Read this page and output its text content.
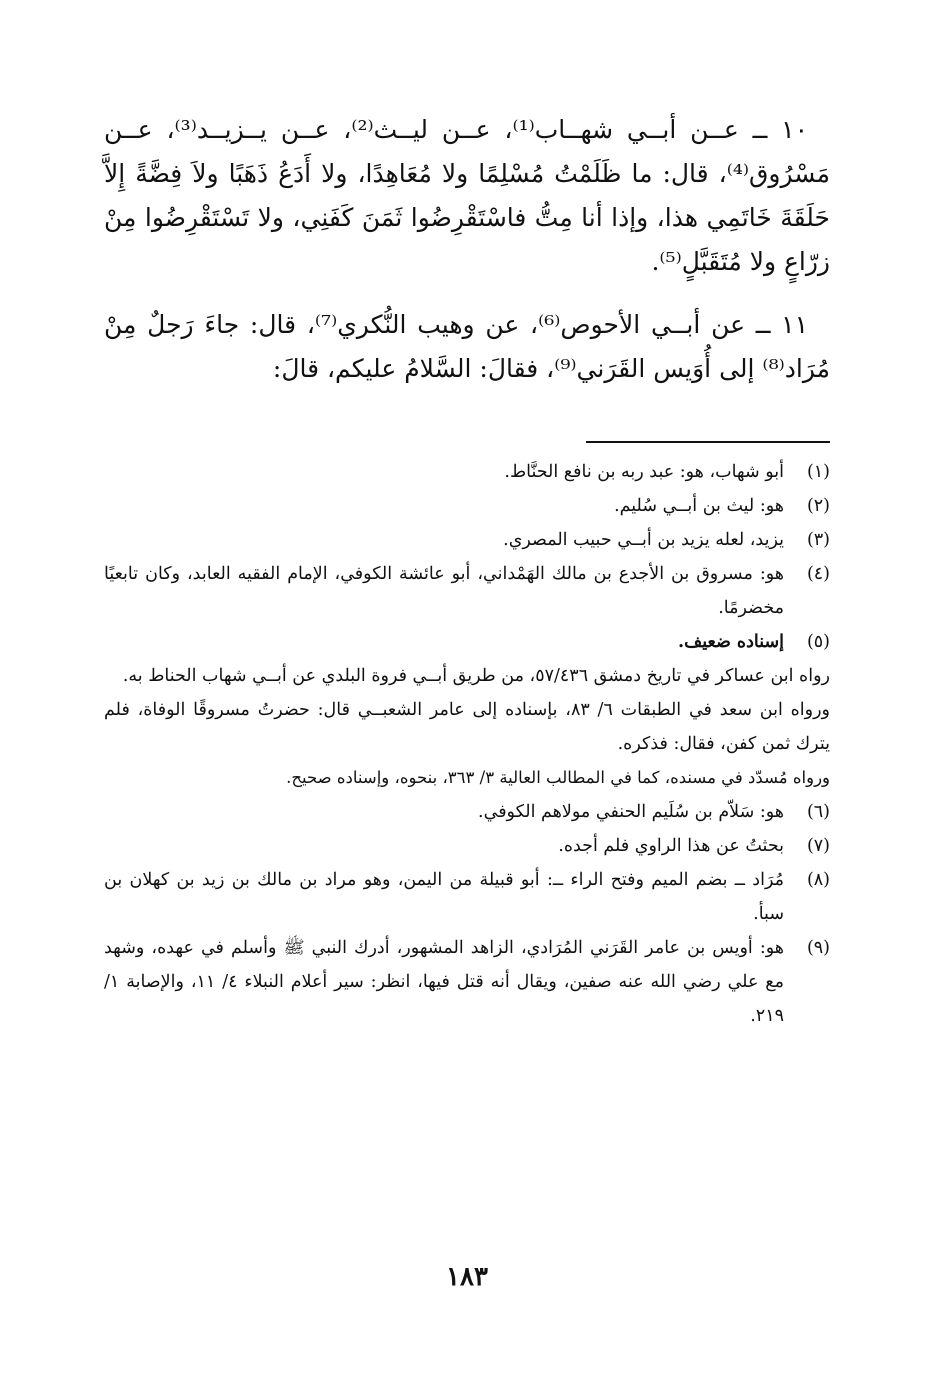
١٠ ــ عــن أبــي شهــاب⁽¹⁾، عــن ليــث⁽²⁾، عــن يــزيــد⁽³⁾، عــن مَسْرُوق⁽⁴⁾، قال: ما ظَلَمْتُ مُسْلِمًا ولا مُعَاهِدًا، ولا أَدَعُ ذَهَبًا ولاَ فِضَّةً إِلاَّ حَلَقَةَ خَاتَمِي هذا، وإذا أنا مِتُّ فاسْتَقْرِضُوا ثَمَنَ كَفَنِي، ولا تَسْتَقْرِضُوا مِنْ زرّاعٍ ولا مُتَقَبَّلٍ⁽⁵⁾.

١١ ــ عن أبــي الأحوص⁽⁶⁾، عن وهيب النُّكري⁽⁷⁾، قال: جاءَ رَجلٌ مِنْ مُرَاد⁽⁸⁾ إلى أُوَيس القَرَني⁽⁹⁾، فقالَ: السَّلامُ عليكم، قالَ:

(١)
أبو شهاب، هو: عبد ربه بن نافع الحنَّاط.
(٢)
هو: ليث بن أبــي سُليم.
(٣)
يزيد، لعله يزيد بن أبــي حبيب المصري.
(٤)
هو: مسروق بن الأجدع بن مالك الهَمْداني، أبو عائشة الكوفي، الإمام الفقيه العابد، وكان تابعيًا مخضرمًا.
(٥)
إسناده ضعيف.
رواه ابن عساكر في تاريخ دمشق ٥٧/٤٣٦، من طريق أبــي فروة البلدي عن أبــي شهاب الحناط به.
ورواه ابن سعد في الطبقات ٦/ ٨٣، بإسناده إلى عامر الشعبــي قال: حضرتُ مسروقًا الوفاة، فلم يترك ثمن كفن، فقال: فذكره.
ورواه مُسدّد في مسنده، كما في المطالب العالية ٣/ ٣٦٣، بنحوه، وإسناده صحيح.
(٦)
هو: سَلاّم بن سُلَيم الحنفي مولاهم الكوفي.
(٧)
بحثتُ عن هذا الراوي فلم أجده.
(٨)
مُرَاد ــ بضم الميم وفتح الراء ــ: أبو قبيلة من اليمن، وهو مراد بن مالك بن زيد بن كهلان بن سبأ.
(٩)
هو: أويس بن عامر القَرَني المُرَادي، الزاهد المشهور، أدرك النبي ﷺ وأسلم في عهده، وشهد مع علي رضي الله عنه صفين، ويقال أنه قتل فيها، انظر: سير أعلام النبلاء ٤/ ١١، والإصابة ١/ ٢١٩.
١٨٣
